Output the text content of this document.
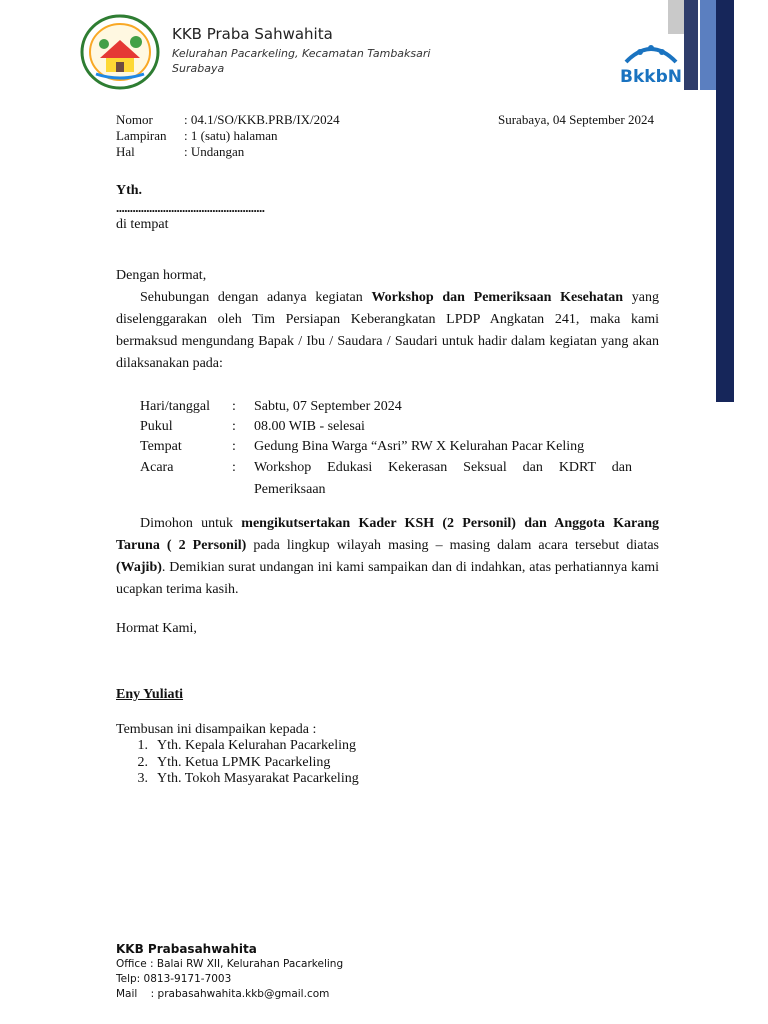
KKB Praba Sahwahita
Kelurahan Pacarkeling, Kecamatan Tambaksari
Surabaya	BkkbN
Nomor	: 04.1/SO/KKB.PRB/IX/2024
Lampiran	: 1 (satu) halaman
Hal	: Undangan
Surabaya, 04 September 2024
Yth.
......................................................
di tempat
Dengan hormat,
Sehubungan dengan adanya kegiatan Workshop dan Pemeriksaan Kesehatan yang diselenggarakan oleh Tim Persiapan Keberangkatan LPDP Angkatan 241, maka kami bermaksud mengundang Bapak / Ibu / Saudara / Saudari untuk hadir dalam kegiatan yang akan dilaksanakan pada:
Hari/tanggal	:	Sabtu, 07 September 2024
Pukul	:	08.00 WIB - selesai
Tempat	:	Gedung Bina Warga “Asri” RW X Kelurahan Pacar Keling
Acara	:	Workshop Edukasi Kekerasan Seksual dan KDRT dan Pemeriksaan
Dimohon untuk mengikutsertakan Kader KSH (2 Personil) dan Anggota Karang Taruna ( 2 Personil) pada lingkup wilayah masing – masing dalam acara tersebut diatas (Wajib). Demikian surat undangan ini kami sampaikan dan di indahkan, atas perhatiannya kami ucapkan terima kasih.
Hormat Kami,
Eny Yuliati
Tembusan ini disampaikan kepada :
1. Yth. Kepala Kelurahan Pacarkeling
2. Yth. Ketua LPMK Pacarkeling
3. Yth. Tokoh Masyarakat Pacarkeling
KKB Prabasahwahita
Office : Balai RW XII, Kelurahan Pacarkeling
Telp: 0813-9171-7003
Mail    : prabasahwahita.kkb@gmail.com
